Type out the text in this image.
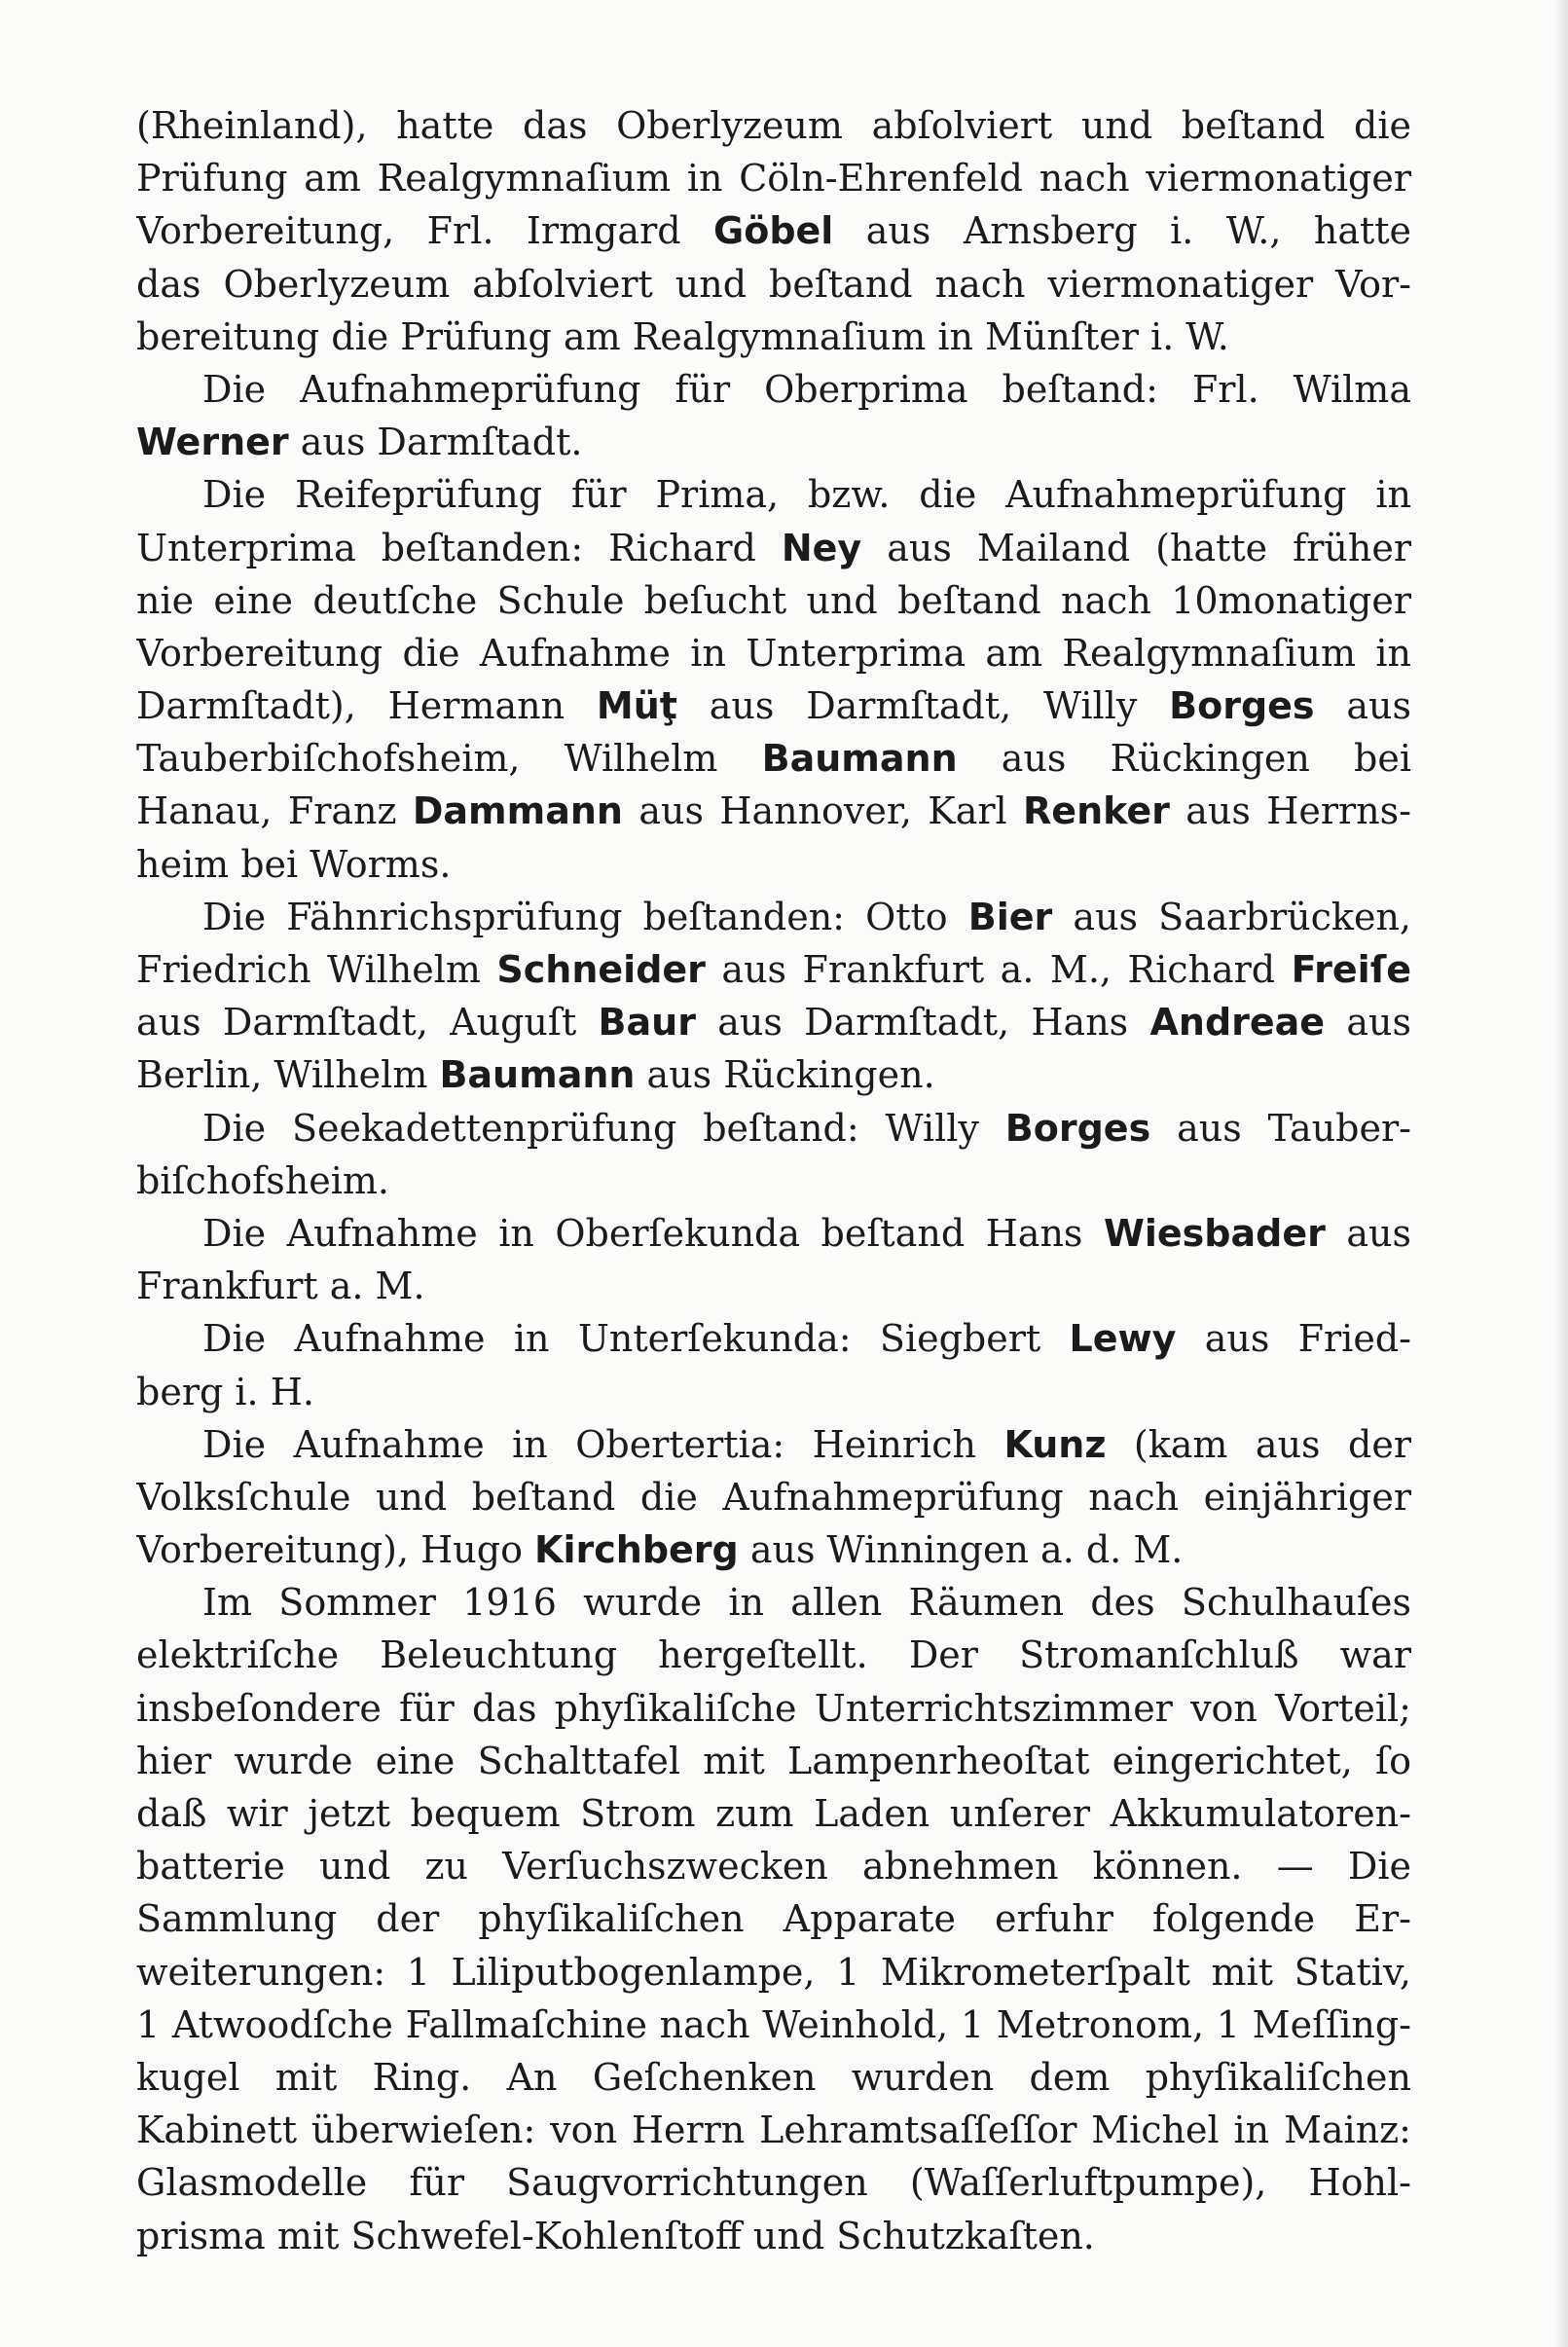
(Rheinland), hatte das Oberlyzeum abſolviert und beſtand die
Prüfung am Realgymnaſium in Cöln-Ehrenfeld nach viermonatiger
Vorbereitung, Frl. Irmgard Göbel aus Arnsberg i. W., hatte
das Oberlyzeum abſolviert und beſtand nach viermonatiger Vor-
bereitung die Prüfung am Realgymnaſium in Münſter i. W.
Die Aufnahmeprüfung für Oberprima beſtand: Frl. Wilma
Werner aus Darmſtadt.
Die Reifeprüfung für Prima, bzw. die Aufnahmeprüfung in
Unterprima beſtanden: Richard Ney aus Mailand (hatte früher
nie eine deutſche Schule beſucht und beſtand nach 10monatiger
Vorbereitung die Aufnahme in Unterprima am Realgymnaſium in
Darmſtadt), Hermann Müţ aus Darmſtadt, Willy Borges aus
Tauberbiſchofsheim, Wilhelm Baumann aus Rückingen bei
Hanau, Franz Dammann aus Hannover, Karl Renker aus Herrns-
heim bei Worms.
Die Fähnrichsprüfung beſtanden: Otto Bier aus Saarbrücken,
Friedrich Wilhelm Schneider aus Frankfurt a. M., Richard Freiſe
aus Darmſtadt, Auguſt Baur aus Darmſtadt, Hans Andreae aus
Berlin, Wilhelm Baumann aus Rückingen.
Die Seekadettenprüfung beſtand: Willy Borges aus Tauber-
biſchofsheim.
Die Aufnahme in Oberſekunda beſtand Hans Wiesbader aus
Frankfurt a. M.
Die Aufnahme in Unterſekunda: Siegbert Lewy aus Fried-
berg i. H.
Die Aufnahme in Obertertia: Heinrich Kunz (kam aus der
Volksſchule und beſtand die Aufnahmeprüfung nach einjähriger
Vorbereitung), Hugo Kirchberg aus Winningen a. d. M.
Im Sommer 1916 wurde in allen Räumen des Schulhauſes
elektriſche Beleuchtung hergeſtellt. Der Stromanſchluß war
insbeſondere für das phyſikaliſche Unterrichtszimmer von Vorteil;
hier wurde eine Schalttafel mit Lampenrheoſtat eingerichtet, ſo
daß wir jetzt bequem Strom zum Laden unſerer Akkumulatoren-
batterie und zu Verſuchszwecken abnehmen können. — Die
Sammlung der phyſikaliſchen Apparate erfuhr folgende Er-
weiterungen: 1 Liliputbogenlampe, 1 Mikrometerſpalt mit Stativ,
1 Atwoodſche Fallmaſchine nach Weinhold, 1 Metronom, 1 Meſſing-
kugel mit Ring. An Geſchenken wurden dem phyſikaliſchen
Kabinett überwieſen: von Herrn Lehramtsaſſeſſor Michel in Mainz:
Glasmodelle für Saugvorrichtungen (Waſſerluftpumpe), Hohl-
prisma mit Schwefel-Kohlenſtoff und Schutzkaſten.
